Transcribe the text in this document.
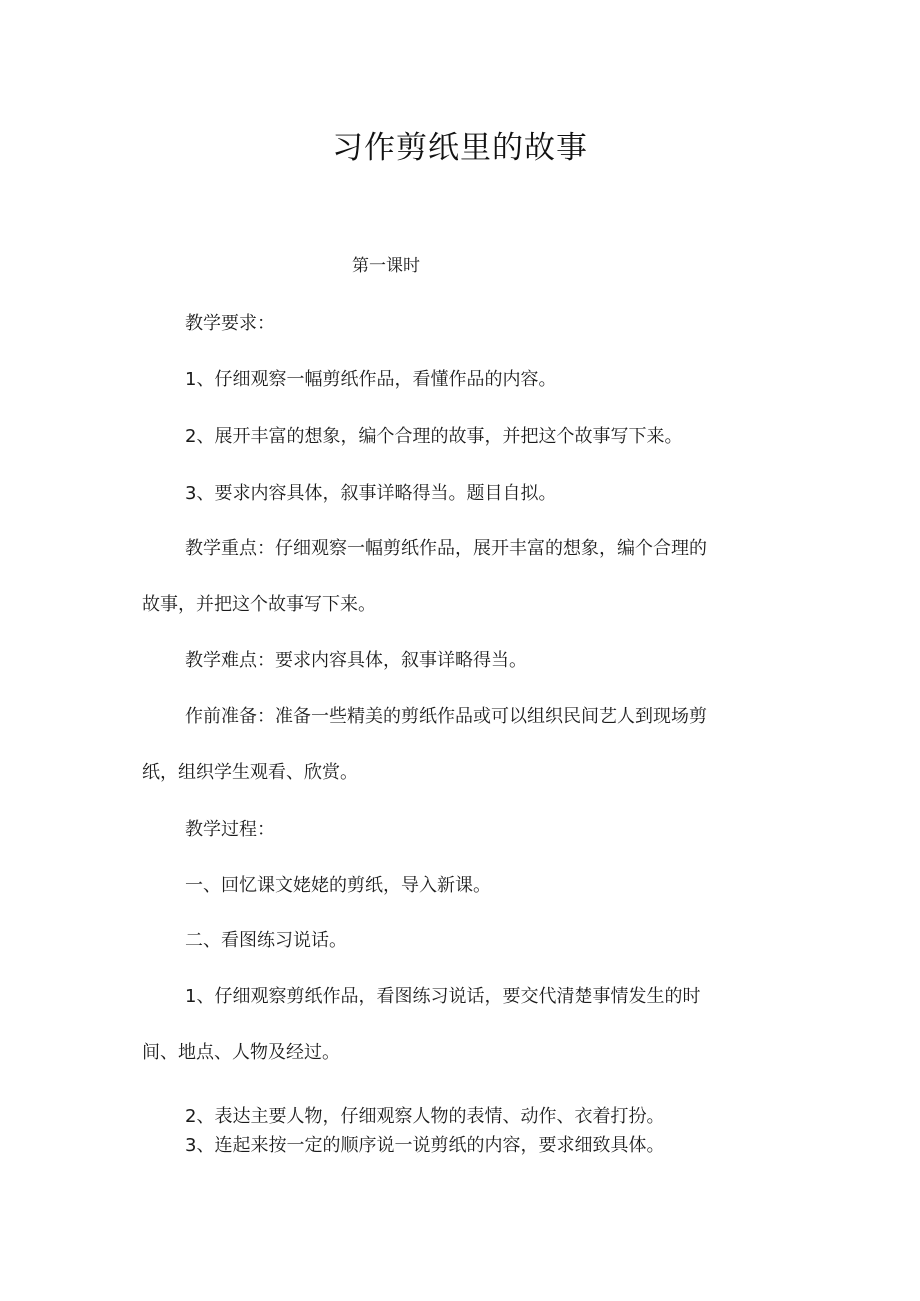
习作剪纸里的故事
第一课时
教学要求：
1、仔细观察一幅剪纸作品，看懂作品的内容。
2、展开丰富的想象，编个合理的故事，并把这个故事写下来。
3、要求内容具体，叙事详略得当。题目自拟。
教学重点：仔细观察一幅剪纸作品，展开丰富的想象，编个合理的
故事，并把这个故事写下来。
教学难点：要求内容具体，叙事详略得当。
作前准备：准备一些精美的剪纸作品或可以组织民间艺人到现场剪
纸，组织学生观看、欣赏。
教学过程：
一、回忆课文姥姥的剪纸，导入新课。
二、看图练习说话。
1、仔细观察剪纸作品，看图练习说话，要交代清楚事情发生的时
间、地点、人物及经过。
2、表达主要人物，仔细观察人物的表情、动作、衣着打扮。
3、连起来按一定的顺序说一说剪纸的内容，要求细致具体。
